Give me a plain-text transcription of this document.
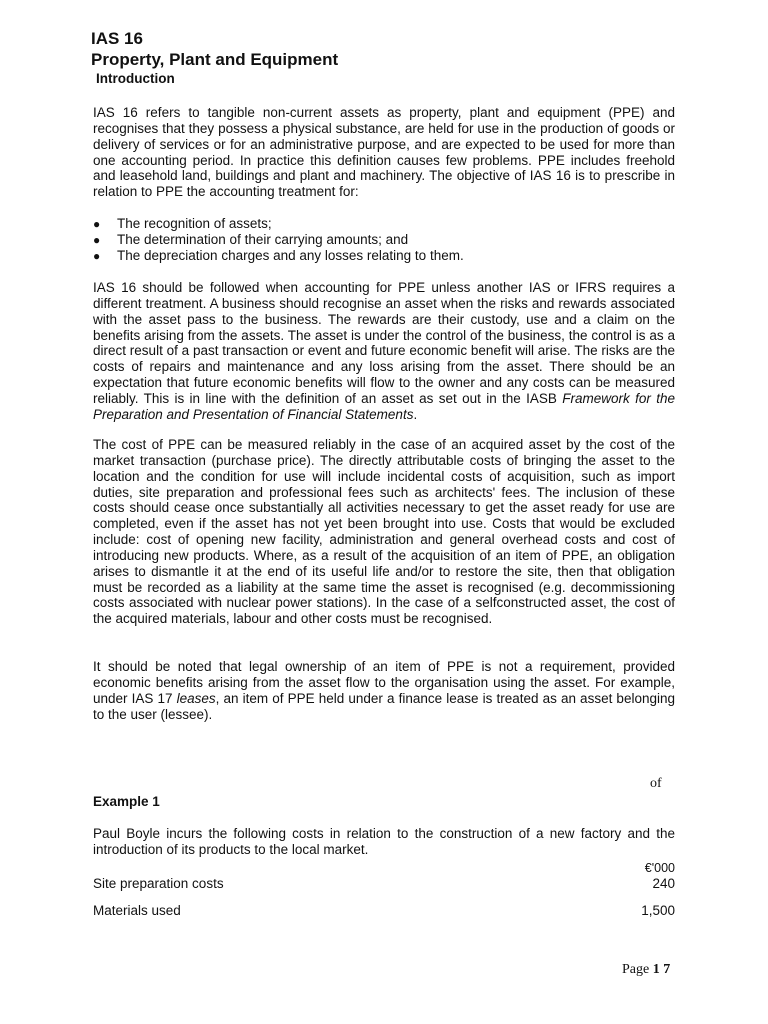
IAS 16
Property, Plant and Equipment
Introduction

IAS 16 refers to tangible non-current assets as property, plant and equipment (PPE) and recognises that they possess a physical substance, are held for use in the production of goods or delivery of services or for an administrative purpose, and are expected to be used for more than one accounting period. In practice this definition causes few problems. PPE includes freehold and leasehold land, buildings and plant and machinery. The objective of IAS 16 is to prescribe in relation to PPE the accounting treatment for:

● The recognition of assets;
● The determination of their carrying amounts; and
● The depreciation charges and any losses relating to them.

IAS 16 should be followed when accounting for PPE unless another IAS or IFRS requires a different treatment. A business should recognise an asset when the risks and rewards associated with the asset pass to the business. The rewards are their custody, use and a claim on the benefits arising from the assets. The asset is under the control of the business, the control is as a direct result of a past transaction or event and future economic benefit will arise. The risks are the costs of repairs and maintenance and any loss arising from the asset. There should be an expectation that future economic benefits will flow to the owner and any costs can be measured reliably. This is in line with the definition of an asset as set out in the IASB Framework for the Preparation and Presentation of Financial Statements.

The cost of PPE can be measured reliably in the case of an acquired asset by the cost of the market transaction (purchase price). The directly attributable costs of bringing the asset to the location and the condition for use will include incidental costs of acquisition, such as import duties, site preparation and professional fees such as architects' fees. The inclusion of these costs should cease once substantially all activities necessary to get the asset ready for use are completed, even if the asset has not yet been brought into use. Costs that would be excluded include: cost of opening new facility, administration and general overhead costs and cost of introducing new products. Where, as a result of the acquisition of an item of PPE, an obligation arises to dismantle it at the end of its useful life and/or to restore the site, then that obligation must be recorded as a liability at the same time the asset is recognised (e.g. decommissioning costs associated with nuclear power stations). In the case of a selfconstructed asset, the cost of the acquired materials, labour and other costs must be recognised.

It should be noted that legal ownership of an item of PPE is not a requirement, provided economic benefits arising from the asset flow to the organisation using the asset. For example, under IAS 17 leases, an item of PPE held under a finance lease is treated as an asset belonging to the user (lessee).

of
Example 1

Paul Boyle incurs the following costs in relation to the construction of a new factory and the introduction of its products to the local market.

€'000
Site preparation costs	240
Materials used	1,500
Page 1 7
